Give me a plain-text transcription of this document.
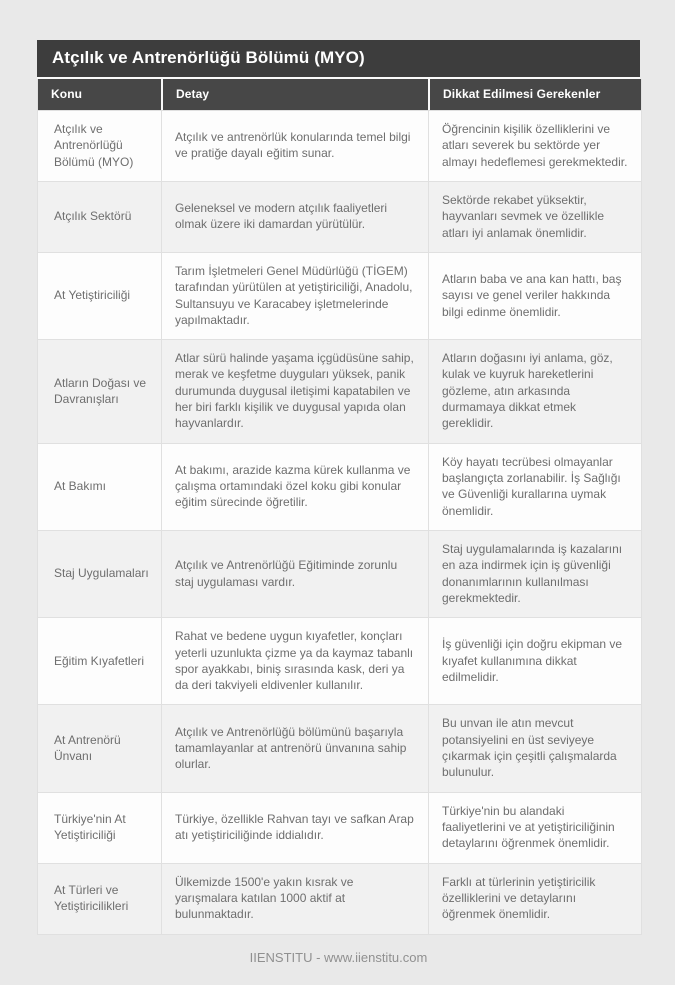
Atçılık ve Antrenörlüğü Bölümü (MYO)
Konu	Detay	Dikkat Edilmesi Gerekenler
Atçılık ve Antrenörlüğü Bölümü (MYO)	Atçılık ve antrenörlük konularında temel bilgi ve pratiğe dayalı eğitim sunar.	Öğrencinin kişilik özelliklerini ve atları severek bu sektörde yer almayı hedeflemesi gerekmektedir.
Atçılık Sektörü	Geleneksel ve modern atçılık faaliyetleri olmak üzere iki damardan yürütülür.	Sektörde rekabet yüksektir, hayvanları sevmek ve özellikle atları iyi anlamak önemlidir.
At Yetiştiriciliği	Tarım İşletmeleri Genel Müdürlüğü (TİGEM) tarafından yürütülen at yetiştiriciliği, Anadolu, Sultansuyu ve Karacabey işletmelerinde yapılmaktadır.	Atların baba ve ana kan hattı, baş sayısı ve genel veriler hakkında bilgi edinme önemlidir.
Atların Doğası ve Davranışları	Atlar sürü halinde yaşama içgüdüsüne sahip, merak ve keşfetme duyguları yüksek, panik durumunda duygusal iletişimi kapatabilen ve her biri farklı kişilik ve duygusal yapıda olan hayvanlardır.	Atların doğasını iyi anlama, göz, kulak ve kuyruk hareketlerini gözleme, atın arkasında durmamaya dikkat etmek gereklidir.
At Bakımı	At bakımı, arazide kazma kürek kullanma ve çalışma ortamındaki özel koku gibi konular eğitim sürecinde öğretilir.	Köy hayatı tecrübesi olmayanlar başlangıçta zorlanabilir. İş Sağlığı ve Güvenliği kurallarına uymak önemlidir.
Staj Uygulamaları	Atçılık ve Antrenörlüğü Eğitiminde zorunlu staj uygulaması vardır.	Staj uygulamalarında iş kazalarını en aza indirmek için iş güvenliği donanımlarının kullanılması gerekmektedir.
Eğitim Kıyafetleri	Rahat ve bedene uygun kıyafetler, konçları yeterli uzunlukta çizme ya da kaymaz tabanlı spor ayakkabı, biniş sırasında kask, deri ya da deri takviyeli eldivenler kullanılır.	İş güvenliği için doğru ekipman ve kıyafet kullanımına dikkat edilmelidir.
At Antrenörü Ünvanı	Atçılık ve Antrenörlüğü bölümünü başarıyla tamamlayanlar at antrenörü ünvanına sahip olurlar.	Bu unvan ile atın mevcut potansiyelini en üst seviyeye çıkarmak için çeşitli çalışmalarda bulunulur.
Türkiye'nin At Yetiştiriciliği	Türkiye, özellikle Rahvan tayı ve safkan Arap atı yetiştiriciliğinde iddialıdır.	Türkiye'nin bu alandaki faaliyetlerini ve at yetiştiriciliğinin detaylarını öğrenmek önemlidir.
At Türleri ve Yetiştiricilikleri	Ülkemizde 1500'e yakın kısrak ve yarışmalara katılan 1000 aktif at bulunmaktadır.	Farklı at türlerinin yetiştiricilik özelliklerini ve detaylarını öğrenmek önemlidir.
IIENSTITU - www.iienstitu.com
